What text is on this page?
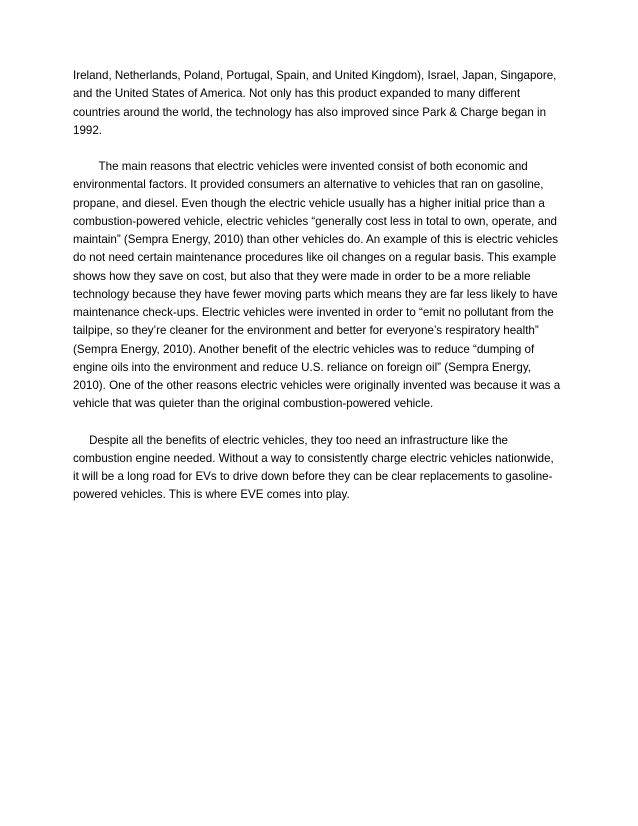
Ireland, Netherlands, Poland, Portugal, Spain, and United Kingdom), Israel, Japan, Singapore,
and the United States of America. Not only has this product expanded to many different
countries around the world, the technology has also improved since Park & Charge began in
1992.

The main reasons that electric vehicles were invented consist of both economic and
environmental factors. It provided consumers an alternative to vehicles that ran on gasoline,
propane, and diesel. Even though the electric vehicle usually has a higher initial price than a
combustion-powered vehicle, electric vehicles “generally cost less in total to own, operate, and
maintain” (Sempra Energy, 2010) than other vehicles do. An example of this is electric vehicles
do not need certain maintenance procedures like oil changes on a regular basis. This example
shows how they save on cost, but also that they were made in order to be a more reliable
technology because they have fewer moving parts which means they are far less likely to have
maintenance check-ups. Electric vehicles were invented in order to “emit no pollutant from the
tailpipe, so they’re cleaner for the environment and better for everyone’s respiratory health”
(Sempra Energy, 2010). Another benefit of the electric vehicles was to reduce “dumping of
engine oils into the environment and reduce U.S. reliance on foreign oil” (Sempra Energy,
2010). One of the other reasons electric vehicles were originally invented was because it was a
vehicle that was quieter than the original combustion-powered vehicle.

Despite all the benefits of electric vehicles, they too need an infrastructure like the
combustion engine needed. Without a way to consistently charge electric vehicles nationwide,
it will be a long road for EVs to drive down before they can be clear replacements to gasoline-
powered vehicles. This is where EVE comes into play.
